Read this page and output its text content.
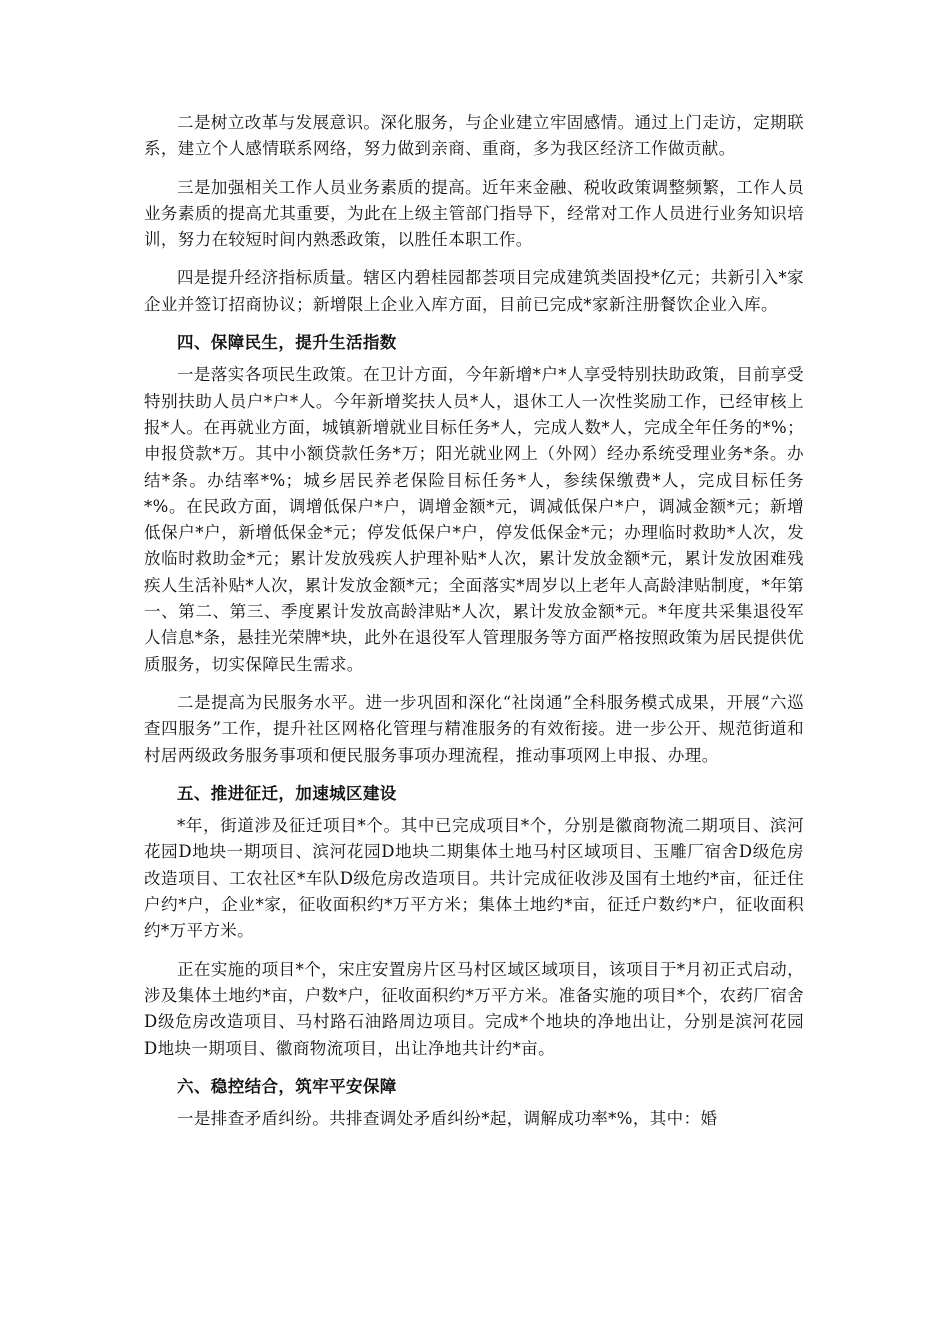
二是树立改革与发展意识。深化服务，与企业建立牢固感情。通过上门走访，定期联系，建立个人感情联系网络，努力做到亲商、重商，多为我区经济工作做贡献。

三是加强相关工作人员业务素质的提高。近年来金融、税收政策调整频繁，工作人员业务素质的提高尤其重要，为此在上级主管部门指导下，经常对工作人员进行业务知识培训，努力在较短时间内熟悉政策，以胜任本职工作。

四是提升经济指标质量。辖区内碧桂园都荟项目完成建筑类固投*亿元；共新引入*家企业并签订招商协议；新增限上企业入库方面，目前已完成*家新注册餐饮企业入库。

四、保障民生，提升生活指数

一是落实各项民生政策。在卫计方面，今年新增*户*人享受特别扶助政策，目前享受特别扶助人员户*户*人。今年新增奖扶人员*人，退休工人一次性奖励工作，已经审核上报*人。在再就业方面，城镇新增就业目标任务*人，完成人数*人，完成全年任务的*%；申报贷款*万。其中小额贷款任务*万；阳光就业网上（外网）经办系统受理业务*条。办结*条。办结率*%；城乡居民养老保险目标任务*人，参续保缴费*人，完成目标任务*%。在民政方面，调增低保户*户，调增金额*元，调减低保户*户，调减金额*元；新增低保户*户，新增低保金*元；停发低保户*户，停发低保金*元；办理临时救助*人次，发放临时救助金*元；累计发放残疾人护理补贴*人次，累计发放金额*元，累计发放困难残疾人生活补贴*人次，累计发放金额*元；全面落实*周岁以上老年人高龄津贴制度，*年第一、第二、第三、季度累计发放高龄津贴*人次，累计发放金额*元。*年度共采集退役军人信息*条，悬挂光荣牌*块，此外在退役军人管理服务等方面严格按照政策为居民提供优质服务，切实保障民生需求。

二是提高为民服务水平。进一步巩固和深化“社岗通”全科服务模式成果，开展“六巡查四服务”工作，提升社区网格化管理与精准服务的有效衔接。进一步公开、规范街道和村居两级政务服务事项和便民服务事项办理流程，推动事项网上申报、办理。

五、推进征迁，加速城区建设

*年，街道涉及征迁项目*个。其中已完成项目*个，分别是徽商物流二期项目、滨河花园D地块一期项目、滨河花园D地块二期集体土地马村区域项目、玉雕厂宿舍D级危房改造项目、工农社区*车队D级危房改造项目。共计完成征收涉及国有土地约*亩，征迁住户约*户，企业*家，征收面积约*万平方米；集体土地约*亩，征迁户数约*户，征收面积约*万平方米。

正在实施的项目*个，宋庄安置房片区马村区域区域项目，该项目于*月初正式启动，涉及集体土地约*亩，户数*户，征收面积约*万平方米。准备实施的项目*个，农药厂宿舍D级危房改造项目、马村路石油路周边项目。完成*个地块的净地出让，分别是滨河花园D地块一期项目、徽商物流项目，出让净地共计约*亩。

六、稳控结合，筑牢平安保障

一是排查矛盾纠纷。共排查调处矛盾纠纷*起，调解成功率*%，其中：婚
